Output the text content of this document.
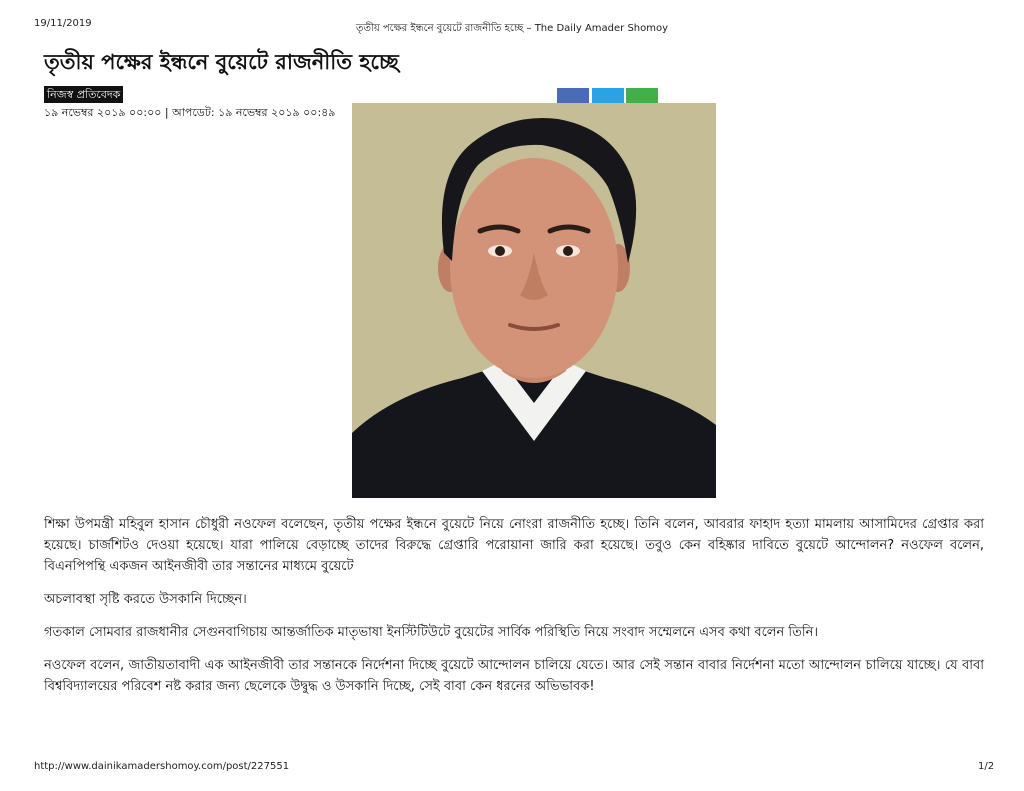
19/11/2019	তৃতীয় পক্ষের ইন্ধনে বুয়েটে রাজনীতি হচ্ছে – The Daily Amader Shomoy
তৃতীয় পক্ষের ইন্ধনে বুয়েটে রাজনীতি হচ্ছে
নিজস্ব প্রতিবেদক
১৯ নভেম্বর ২০১৯ ০০:০০ | আপডেট: ১৯ নভেম্বর ২০১৯ ০০:৪৯

শিক্ষা উপমন্ত্রী মহিবুল হাসান চৌধুরী নওফেল বলেছেন, তৃতীয় পক্ষের ইন্ধনে বুয়েটে নিয়ে নোংরা রাজনীতি হচ্ছে। তিনি বলেন, আবরার ফাহাদ হত্যা মামলায় আসামিদের গ্রেপ্তার করা হয়েছে। চার্জশিটও দেওয়া হয়েছে। যারা পালিয়ে বেড়াচ্ছে তাদের বিরুদ্ধে গ্রেপ্তারি পরোয়ানা জারি করা হয়েছে। তবুও কেন বহিষ্কার দাবিতে বুয়েটে আন্দোলন? নওফেল বলেন, বিএনপিপন্থি একজন আইনজীবী তার সন্তানের মাধ্যমে বুয়েটে

অচলাবস্থা সৃষ্টি করতে উসকানি দিচ্ছেন।

গতকাল সোমবার রাজধানীর সেগুনবাগিচায় আন্তর্জাতিক মাতৃভাষা ইনস্টিটিউটে বুয়েটের সার্বিক পরিস্থিতি নিয়ে সংবাদ সম্মেলনে এসব কথা বলেন তিনি।

নওফেল বলেন, জাতীয়তাবাদী এক আইনজীবী তার সন্তানকে নির্দেশনা দিচ্ছে বুয়েটে আন্দোলন চালিয়ে যেতে। আর সেই সন্তান বাবার নির্দেশনা মতো আন্দোলন চালিয়ে যাচ্ছে। যে বাবা বিশ্ববিদ্যালয়ের পরিবেশ নষ্ট করার জন্য ছেলেকে উদ্বুদ্ধ ও উসকানি দিচ্ছে, সেই বাবা কেন ধরনের অভিভাবক!

http://www.dainikamadershomoy.com/post/227551	1/2
